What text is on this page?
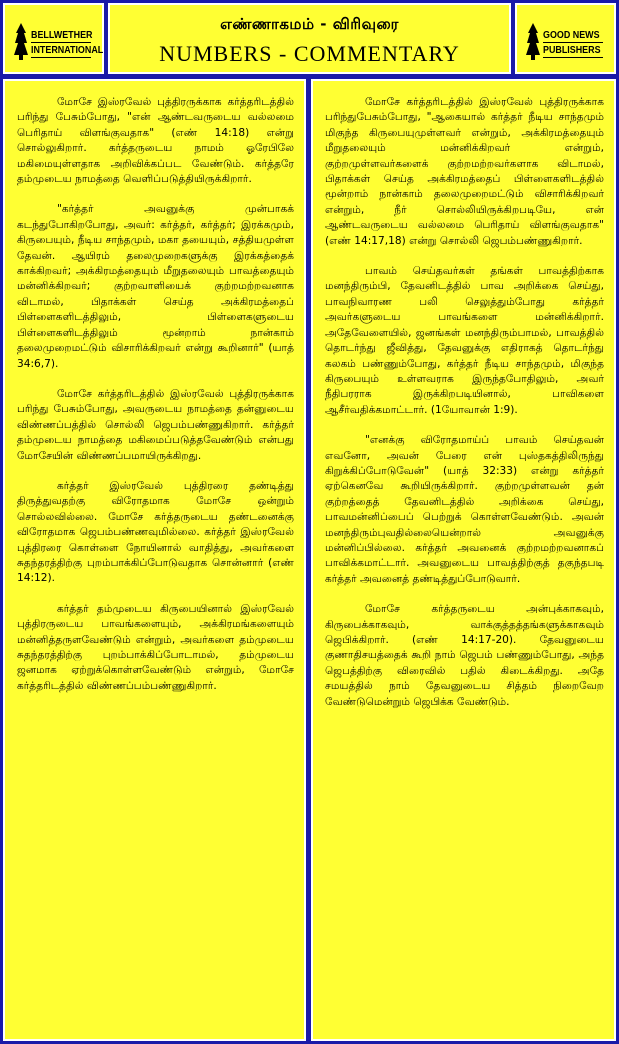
BELLWETHER
INTERNATIONAL
எண்ணாகமம் - விரிவுரை
NUMBERS - COMMENTARY
GOOD NEWS
PUBLISHERS

மோசே இஸ்ரவேல் புத்திரருக்காக கர்த்தரிடத்தில் பரிந்து பேசும்போது, "என் ஆண்டவருடைய வல்லமை பெரிதாய் விளங்குவதாக" (எண் 14:18) என்று சொல்லுகிறார். கர்த்தருடைய நாமம் ஓரேபிலே மகிமையுள்ளதாக அறிவிக்கப்பட வேண்டும். கர்த்தரே தம்முடைய நாமத்தை வெளிப்படுத்தியிருக்கிறார்.

"கர்த்தர் அவனுக்கு முன்பாகக் கடந்துபோகிறபோது, அவர்: கர்த்தர், கர்த்தர்; இரக்கமும், கிருபையும், நீடிய சாந்தமும், மகா தயையும், சத்தியமுள்ள தேவன். ஆயிரம் தலைமுறைகளுக்கு இரக்கத்தைக் காக்கிறவர்; அக்கிரமத்தையும் மீறுதலையும் பாவத்தையும் மன்னிக்கிறவர்; குற்றவாளியைக் குற்றமற்றவனாக விடாமல், பிதாக்கள் செய்த அக்கிரமத்தைப் பிள்ளைகளிடத்திலும், பிள்ளைகளுடைய பிள்ளைகளிடத்திலும் மூன்றாம் நான்காம் தலைமுறைமட்டும் விசாரிக்கிறவர் என்று கூறினார்" (யாத் 34:6,7).

மோசே கர்த்தரிடத்தில் இஸ்ரவேல் புத்திரருக்காக பரிந்து பேசும்போது, அவருடைய நாமத்தை தன்னுடைய விண்ணப்பத்தில் சொல்லி ஜெபம்பண்ணுகிறார். கர்த்தர் தம்முடைய நாமத்தை மகிமைப்படுத்தவேண்டும் என்பது மோசேயின் விண்ணப்பமாயிருக்கிறது.

கர்த்தர் இஸ்ரவேல் புத்திரரை தண்டித்து திருத்துவதற்கு விரோதமாக மோசே ஒன்றும் சொல்லவில்லை. மோசே கர்த்தருடைய தண்டனைக்கு விரோதமாக ஜெபம்பண்ணவுமில்லை. கர்த்தர் இஸ்ரவேல் புத்திரரை கொள்ளை நோயினால் வாதித்து, அவர்களை சுதந்தரத்திற்கு புறம்பாக்கிப்போடுவதாக சொன்னார் (எண் 14:12).

கர்த்தர் தம்முடைய கிருபையினால் இஸ்ரவேல் புத்திரருடைய பாவங்களையும், அக்கிரமங்களையும் மன்னித்தருளவேண்டும் என்றும், அவர்களை தம்முடைய சுதந்தரத்திற்கு புறம்பாக்கிப்போடாமல், தம்முடைய ஜனமாக ஏற்றுக்கொள்ளவேண்டும் என்றும், மோசே கர்த்தரிடத்தில் விண்ணப்பம்பண்ணுகிறார்.

மோசே கர்த்தரிடத்தில் இஸ்ரவேல் புத்திரருக்காக பரிந்துபேசும்போது, "ஆகையால் கர்த்தர் நீடிய சாந்தமும் மிகுந்த கிருபையுமுள்ளவர் என்றும், அக்கிரமத்தையும் மீறுதலையும் மன்னிக்கிறவர் என்றும், குற்றமுள்ளவர்களைக் குற்றமற்றவர்களாக விடாமல், பிதாக்கள் செய்த அக்கிரமத்தைப் பிள்ளைகளிடத்தில் மூன்றாம் நான்காம் தலைமுறைமட்டும் விசாரிக்கிறவர் என்றும், நீர் சொல்லியிருக்கிறபடியே, என் ஆண்டவருடைய வல்லமை பெரிதாய் விளங்குவதாக" (எண் 14:17,18) என்று சொல்லி ஜெபம்பண்ணுகிறார்.

பாவம் செய்தவர்கள் தங்கள் பாவத்திற்காக மனந்திரும்பி, தேவனிடத்தில் பாவ அறிக்கை செய்து, பாவநிவாரண பலி செலுத்தும்போது கர்த்தர் அவர்களுடைய பாவங்களை மன்னிக்கிறார். அதேவேளையில், ஜனங்கள் மனந்திரும்பாமல், பாவத்தில் தொடர்ந்து ஜீவித்து, தேவனுக்கு எதிராகத் தொடர்ந்து கலகம் பண்ணும்போது, கர்த்தர் நீடிய சாந்தமும், மிகுந்த கிருபையும் உள்ளவராக இருந்தபோதிலும், அவர் நீதிபரராக இருக்கிறபடியினால், பாவிகளை ஆசீர்வதிக்கமாட்டார். (1யோவான் 1:9).

"எனக்கு விரோதமாய்ப் பாவம் செய்தவன் எவனோ, அவன் பேரை என் புஸ்தகத்திலிருந்து கிறுக்கிப்போடுவேன்" (யாத் 32:33) என்று கர்த்தர் ஏற்கெனவே கூறியிருக்கிறார். குற்றமுள்ளவன் தன் குற்றத்தைத் தேவனிடத்தில் அறிக்கை செய்து, பாவமன்னிப்பைப் பெற்றுக் கொள்ளவேண்டும். அவன் மனந்திரும்புவதில்லையென்றால் அவனுக்கு மன்னிப்பில்லை. கர்த்தர் அவனைக் குற்றமற்றவனாகப் பாவிக்கமாட்டார். அவனுடைய பாவத்திற்குத் தகுந்தபடி கர்த்தர் அவனைத் தண்டித்துப்போடுவார்.

மோசே கர்த்தருடைய அன்புக்காகவும், கிருபைக்காகவும், வாக்குத்தத்தங்களுக்காகவும் ஜெபிக்கிறார். (எண் 14:17-20). தேவனுடைய குணாதிசயத்தைக் கூறி நாம் ஜெபம் பண்ணும்போது, அந்த ஜெபத்திற்கு விரைவில் பதில் கிடைக்கிறது. அதே சமயத்தில் நாம் தேவனுடைய சித்தம் நிறைவேற வேண்டுமென்றும் ஜெபிக்க வேண்டும்.
